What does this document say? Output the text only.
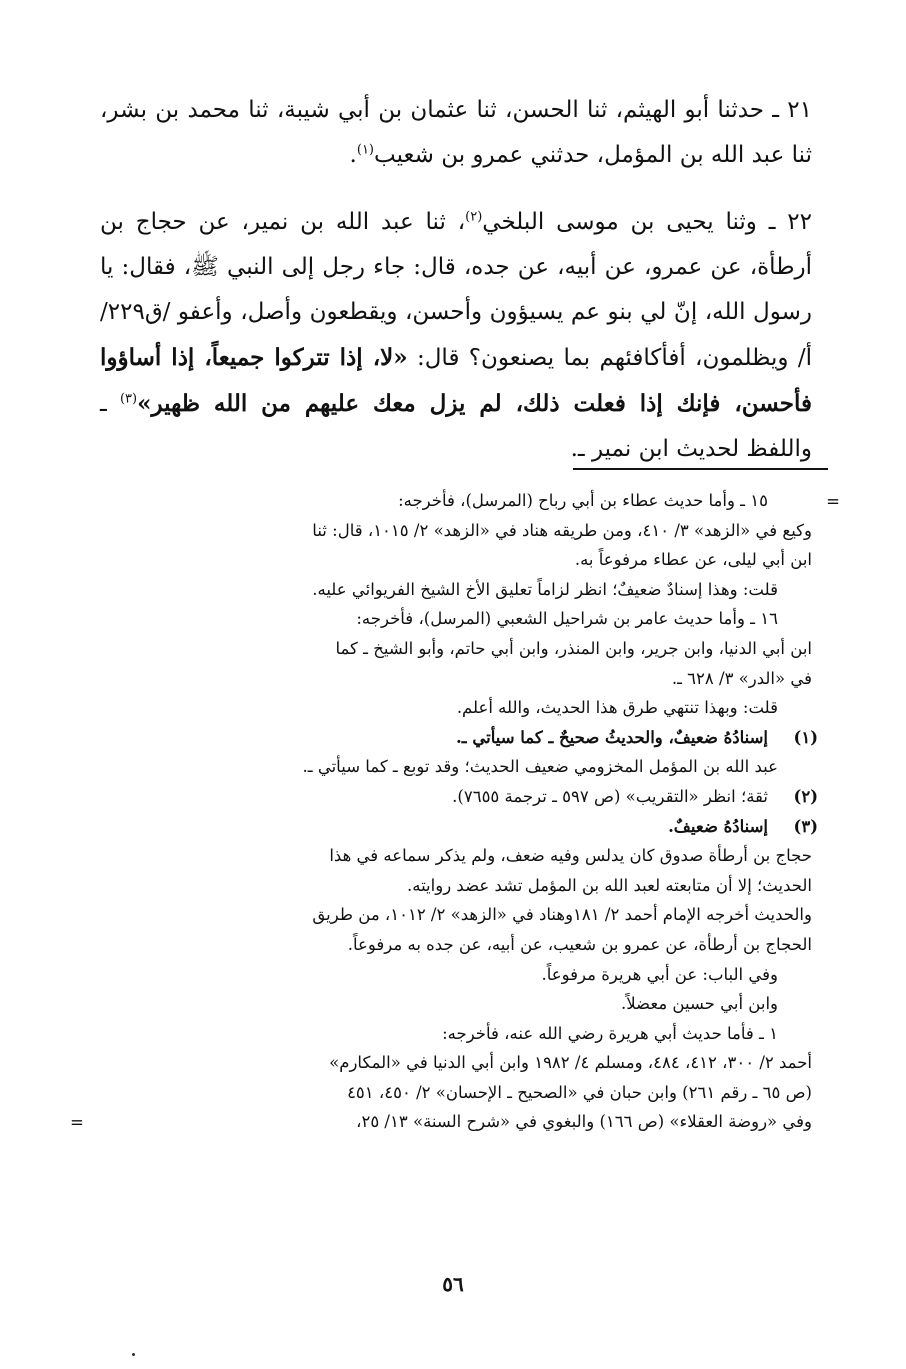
٢١ ـ حدثنا أبو الهيثم، ثنا الحسن، ثنا عثمان بن أبي شيبة، ثنا محمد بن بشر، ثنا عبد الله بن المؤمل، حدثني عمرو بن شعيب$^{(١)}$.

٢٢ ـ وثنا يحيى بن موسى البلخي$^{(٢)}$، ثنا عبد الله بن نمير، عن حجاج بن أرطأة، عن عمرو، عن أبيه، عن جده، قال: جاء رجل إلى النبي ﷺ، فقال: يا رسول الله، إنّ لي بنو عم يسيؤون وأحسن، ويقطعون وأصل، وأعفو /ق٢٢٩/أ/ ويظلمون، أفأكافئهم بما يصنعون؟ قال: «لا، إذا تتركوا جميعاً، إذا أساؤوا فأحسن، فإنك إذا فعلت ذلك، لم يزل معك عليهم من الله ظهير»$^{(٣)}$ ـ واللفظ لحديث ابن نمير ـ.

=
١٥ ـ وأما حديث عطاء بن أبي رباح (المرسل)، فأخرجه:
وكيع في «الزهد» ٣/ ٤١٠، ومن طريقه هناد في «الزهد» ٢/ ١٠١٥، قال: ثنا
ابن أبي ليلى، عن عطاء مرفوعاً به.
قلت: وهذا إسنادٌ ضعيفٌ؛ انظر لزاماً تعليق الأخ الشيخ الفريوائي عليه.
١٦ ـ وأما حديث عامر بن شراحيل الشعبي (المرسل)، فأخرجه:
ابن أبي الدنيا، وابن جرير، وابن المنذر، وابن أبي حاتم، وأبو الشيخ ـ كما
في «الدر» ٣/ ٦٢٨ ـ.
قلت: وبهذا تنتهي طرق هذا الحديث، والله أعلم.
(١)
إسنادُهُ ضعيفٌ، والحديثُ صحيحٌ ـ كما سيأتي ـ.
عبد الله بن المؤمل المخزومي ضعيف الحديث؛ وقد توبع ـ كما سيأتي ـ.
(٢)
ثقة؛ انظر «التقريب» (ص ٥٩٧ ـ ترجمة ٧٦٥٥).
(٣)
إسنادُهُ ضعيفٌ.
حجاج بن أرطأة صدوق كان يدلس وفيه ضعف، ولم يذكر سماعه في هذا
الحديث؛ إلا أن متابعته لعبد الله بن المؤمل تشد عضد روايته.
والحديث أخرجه الإمام أحمد ٢/ ١٨١وهناد في «الزهد» ٢/ ١٠١٢، من طريق
الحجاج بن أرطأة، عن عمرو بن شعيب، عن أبيه، عن جده به مرفوعاً.
وفي الباب: عن أبي هريرة مرفوعاً.
وابن أبي حسين معضلاً.
١ ـ فأما حديث أبي هريرة رضي الله عنه، فأخرجه:
أحمد ٢/ ٣٠٠، ٤١٢، ٤٨٤، ومسلم ٤/ ١٩٨٢ وابن أبي الدنيا في «المكارم»
(ص ٦٥ ـ رقم ٢٦١) وابن حبان في «الصحيح ـ الإحسان» ٢/ ٤٥٠، ٤٥١
وفي «روضة العقلاء» (ص ١٦٦) والبغوي في «شرح السنة» ١٣/ ٢٥،
=
٥٦
